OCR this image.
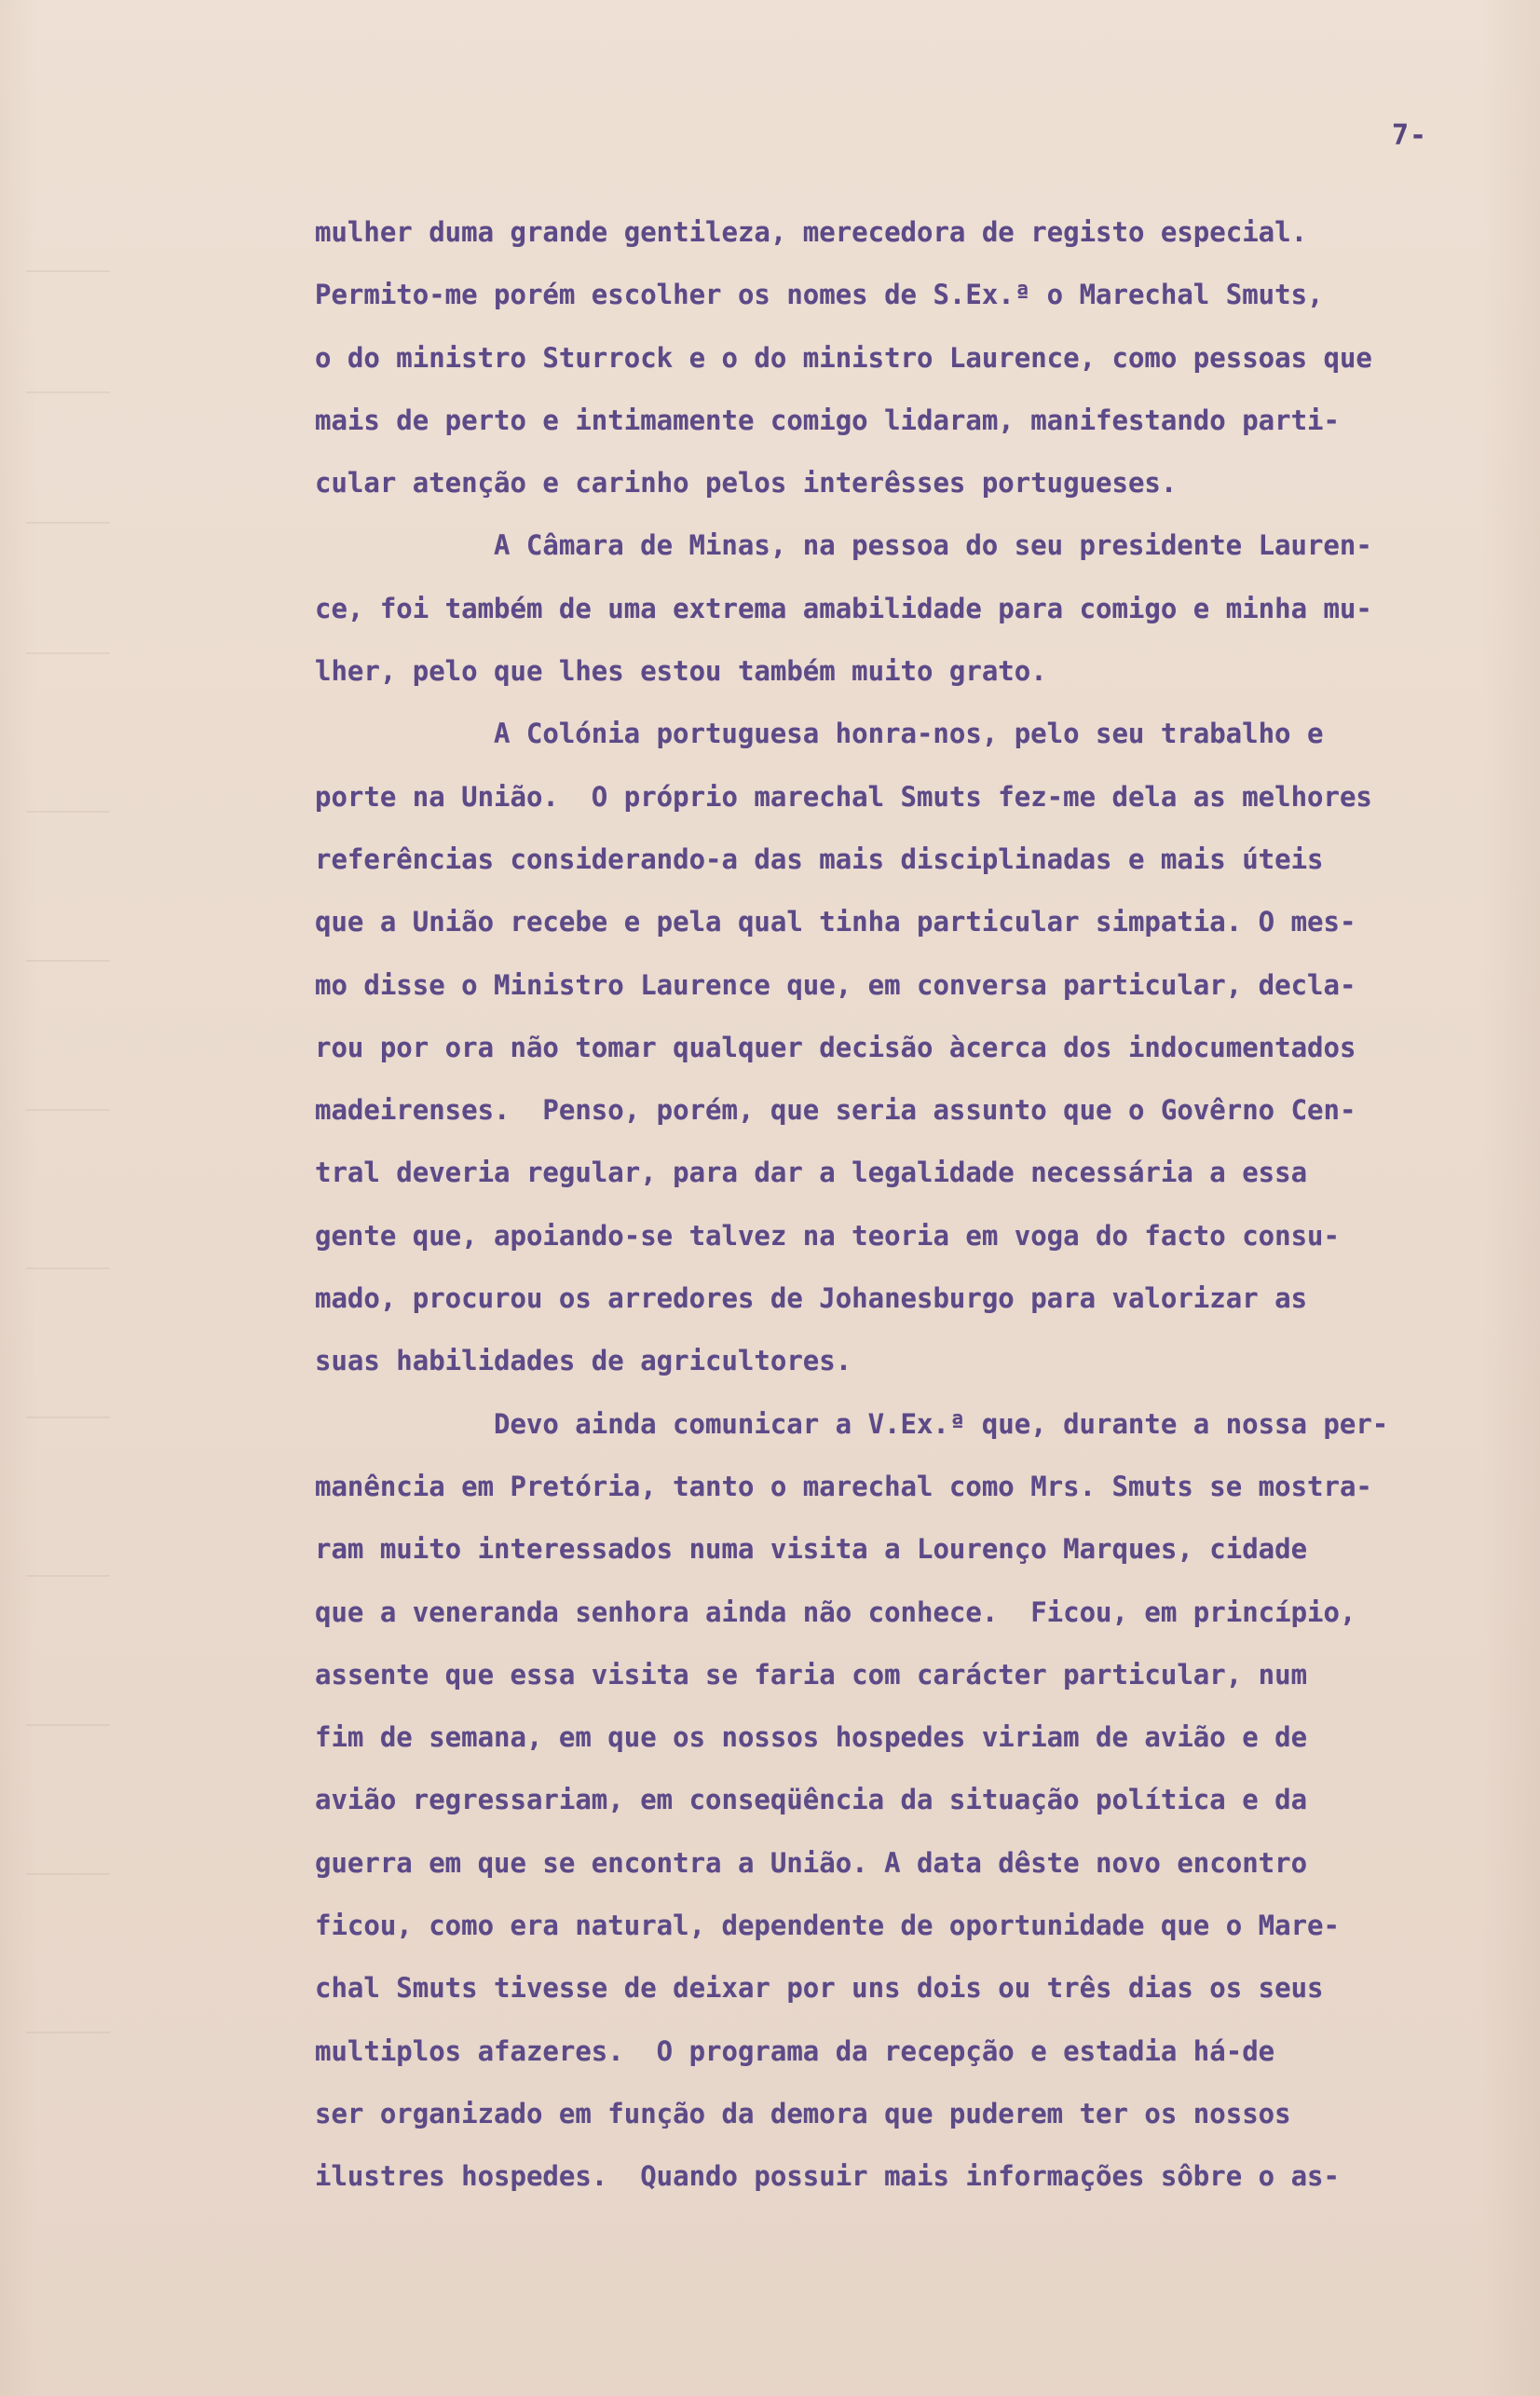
7-
mulher duma grande gentileza, merecedora de registo especial.
Permito-me porém escolher os nomes de S.Ex.ª o Marechal Smuts,
o do ministro Sturrock e o do ministro Laurence, como pessoas que
mais de perto e intimamente comigo lidaram, manifestando parti-
cular atenção e carinho pelos interêsses portugueses.
A Câmara de Minas, na pessoa do seu presidente Lauren-
ce, foi também de uma extrema amabilidade para comigo e minha mu-
lher, pelo que lhes estou também muito grato.
A Colónia portuguesa honra-nos, pelo seu trabalho e
porte na União.  O próprio marechal Smuts fez-me dela as melhores
referências considerando-a das mais disciplinadas e mais úteis
que a União recebe e pela qual tinha particular simpatia. O mes-
mo disse o Ministro Laurence que, em conversa particular, decla-
rou por ora não tomar qualquer decisão àcerca dos indocumentados
madeirenses.  Penso, porém, que seria assunto que o Govêrno Cen-
tral deveria regular, para dar a legalidade necessária a essa
gente que, apoiando-se talvez na teoria em voga do facto consu-
mado, procurou os arredores de Johanesburgo para valorizar as
suas habilidades de agricultores.
Devo ainda comunicar a V.Ex.ª que, durante a nossa per-
manência em Pretória, tanto o marechal como Mrs. Smuts se mostra-
ram muito interessados numa visita a Lourenço Marques, cidade
que a veneranda senhora ainda não conhece.  Ficou, em princípio,
assente que essa visita se faria com carácter particular, num
fim de semana, em que os nossos hospedes viriam de avião e de
avião regressariam, em conseqüência da situação política e da
guerra em que se encontra a União. A data dêste novo encontro
ficou, como era natural, dependente de oportunidade que o Mare-
chal Smuts tivesse de deixar por uns dois ou três dias os seus
multiplos afazeres.  O programa da recepção e estadia há-de
ser organizado em função da demora que puderem ter os nossos
ilustres hospedes.  Quando possuir mais informações sôbre o as-
